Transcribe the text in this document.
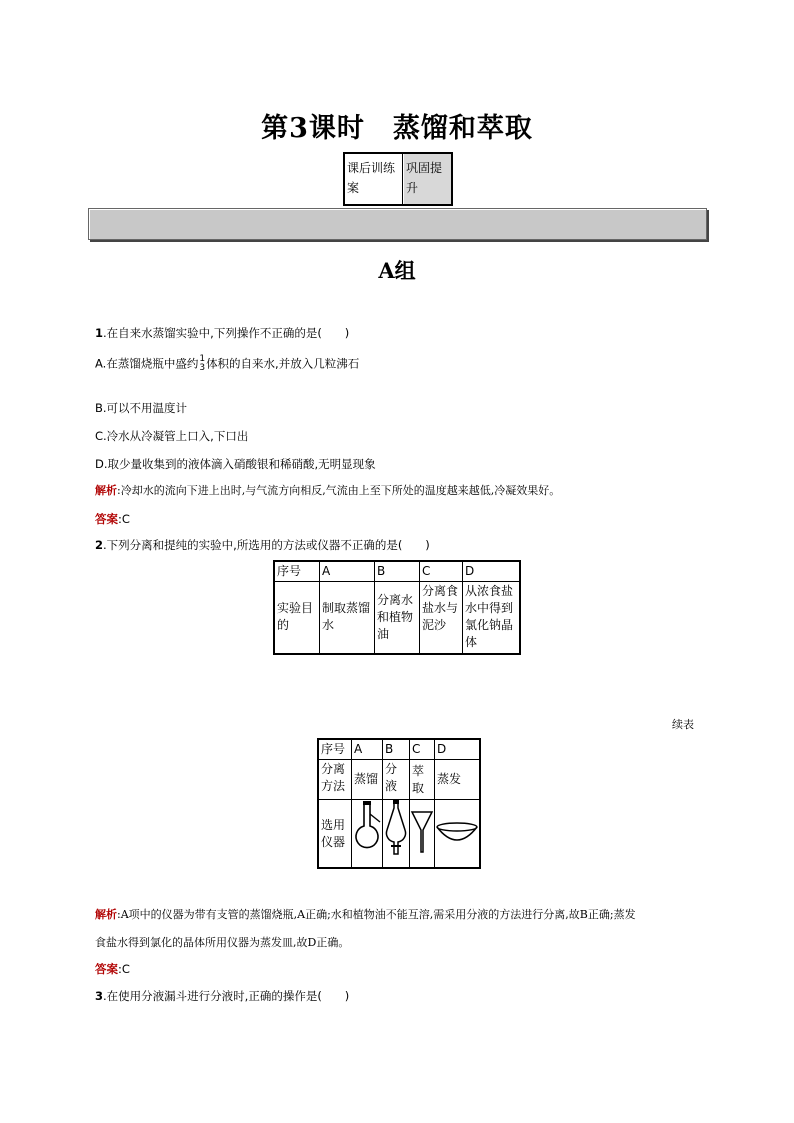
第3课时　蒸馏和萃取
课后训练案
巩固提升
A组
1.在自来水蒸馏实验中,下列操作不正确的是(　　)
A.在蒸馏烧瓶中盛约 1
3 体积的自来水,并放入几粒沸石
B.可以不用温度计
C.冷水从冷凝管上口入,下口出
D.取少量收集到的液体滴入硝酸银和稀硝酸,无明显现象
解析:冷却水的流向下进上出时,与气流方向相反,气流由上至下所处的温度越来越低,冷凝效果好。
答案:C
2.下列分离和提纯的实验中,所选用的方法或仪器不正确的是(　　)
序号	A	B	C	D
实验目的	制取蒸馏水	分离水和植物油	分离食盐水与泥沙	从浓食盐水中得到氯化钠晶体
续表
序号	A	B	C	D
分离方法	蒸馏	分液	萃取	蒸发
选用仪器				
解析:A项中的仪器为带有支管的蒸馏烧瓶,A正确;水和植物油不能互溶,需采用分液的方法进行分离,故B正确;蒸发
食盐水得到氯化的晶体所用仪器为蒸发皿,故D正确。
答案:C
3.在使用分液漏斗进行分液时,正确的操作是(　　)
